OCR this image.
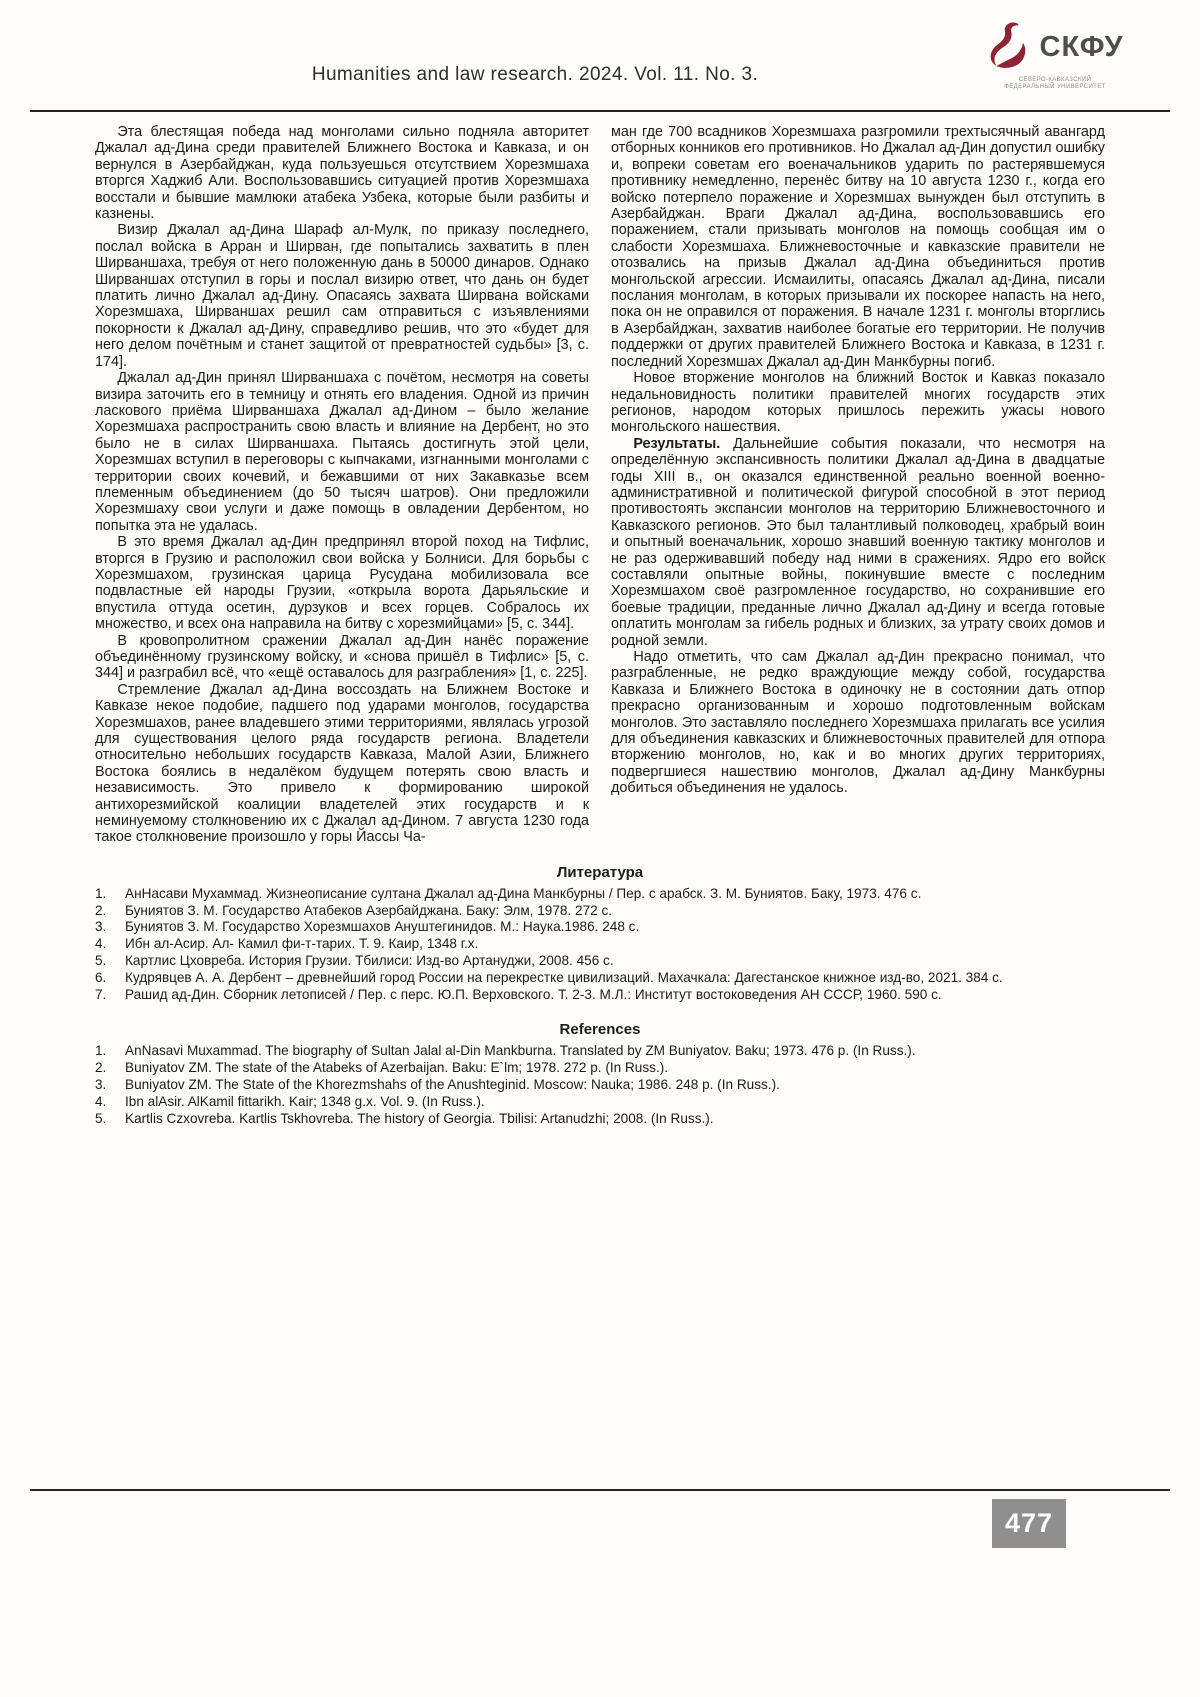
Humanities and law research. 2024. Vol. 11. No. 3.
СКФУ
СЕВЕРО-КАВКАЗСКИЙ ФЕДЕРАЛЬНЫЙ УНИВЕРСИТЕТ

Эта блестящая победа над монголами сильно подняла авторитет Джалал ад-Дина среди правителей Ближнего Востока и Кавказа, и он вернулся в Азербайджан, куда пользуешься отсутствием Хорезмшаха вторгся Хаджиб Али. Воспользовавшись ситуацией против Хорезмшаха восстали и бывшие мамлюки атабека Узбека, которые были разбиты и казнены.

Визир Джалал ад-Дина Шараф ал-Мулк, по приказу последнего, послал войска в Арран и Ширван, где попытались захватить в плен Ширваншаха, требуя от него положенную дань в 50000 динаров. Однако Ширваншах отступил в горы и послал визирю ответ, что дань он будет платить лично Джалал ад-Дину. Опасаясь захвата Ширвана войсками Хорезмшаха, Ширваншах решил сам отправиться с изъявлениями покорности к Джалал ад-Дину, справедливо решив, что это «будет для него делом почётным и станет защитой от превратностей судьбы» [3, с. 174].

Джалал ад-Дин принял Ширваншаха с почётом, несмотря на советы визира заточить его в темницу и отнять его владения. Одной из причин ласкового приёма Ширваншаха Джалал ад-Дином – было желание Хорезмшаха распространить свою власть и влияние на Дербент, но это было не в силах Ширваншаха. Пытаясь достигнуть этой цели, Хорезмшах вступил в переговоры с кыпчаками, изгнанными монголами с территории своих кочевий, и бежавшими от них Закавказье всем племенным объединением (до 50 тысяч шатров). Они предложили Хорезмшаху свои услуги и даже помощь в овладении Дербентом, но попытка эта не удалась.

В это время Джалал ад-Дин предпринял второй поход на Тифлис, вторгся в Грузию и расположил свои войска у Болниси. Для борьбы с Хорезмшахом, грузинская царица Русудана мобилизовала все подвластные ей народы Грузии, «открыла ворота Дарьяльские и впустила оттуда осетин, дурзуков и всех горцев. Собралось их множество, и всех она направила на битву с хорезмийцами» [5, с. 344].

В кровопролитном сражении Джалал ад-Дин нанёс поражение объединённому грузинскому войску, и «снова пришёл в Тифлис» [5, с. 344] и разграбил всё, что «ещё оставалось для разграбления» [1, с. 225].

Стремление Джалал ад-Дина воссоздать на Ближнем Востоке и Кавказе некое подобие, падшего под ударами монголов, государства Хорезмшахов, ранее владевшего этими территориями, являлась угрозой для существования целого ряда государств региона. Владетели относительно небольших государств Кавказа, Малой Азии, Ближнего Востока боялись в недалёком будущем потерять свою власть и независимость. Это привело к формированию широкой антихорезмийской коалиции владетелей этих государств и к неминуемому столкновению их с Джалал ад-Дином. 7 августа 1230 года такое столкновение произошло у горы Йассы Ча-

ман где 700 всадников Хорезмшаха разгромили трехтысячный авангард отборных конников его противников. Но Джалал ад-Дин допустил ошибку и, вопреки советам его военачальников ударить по растерявшемуся противнику немедленно, перенёс битву на 10 августа 1230 г., когда его войско потерпело поражение и Хорезмшах вынужден был отступить в Азербайджан. Враги Джалал ад-Дина, воспользовавшись его поражением, стали призывать монголов на помощь сообщая им о слабости Хорезмшаха. Ближневосточные и кавказские правители не отозвались на призыв Джалал ад-Дина объединиться против монгольской агрессии. Исмаилиты, опасаясь Джалал ад-Дина, писали послания монголам, в которых призывали их поскорее напасть на него, пока он не оправился от поражения. В начале 1231 г. монголы вторглись в Азербайджан, захватив наиболее богатые его территории. Не получив поддержки от других правителей Ближнего Востока и Кавказа, в 1231 г. последний Хорезмшах Джалал ад-Дин Манкбурны погиб.

Новое вторжение монголов на ближний Восток и Кавказ показало недальновидность политики правителей многих государств этих регионов, народом которых пришлось пережить ужасы нового монгольского нашествия.

Результаты. Дальнейшие события показали, что несмотря на определённую экспансивность политики Джалал ад-Дина в двадцатые годы XIII в., он оказался единственной реально военной военно-административной и политической фигурой способной в этот период противостоять экспансии монголов на территорию Ближневосточного и Кавказского регионов. Это был талантливый полководец, храбрый воин и опытный военачальник, хорошо знавший военную тактику монголов и не раз одерживавший победу над ними в сражениях. Ядро его войск составляли опытные войны, покинувшие вместе с последним Хорезмшахом своё разгромленное государство, но сохранившие его боевые традиции, преданные лично Джалал ад-Дину и всегда готовые оплатить монголам за гибель родных и близких, за утрату своих домов и родной земли.

Надо отметить, что сам Джалал ад-Дин прекрасно понимал, что разграбленные, не редко враждующие между собой, государства Кавказа и Ближнего Востока в одиночку не в состоянии дать отпор прекрасно организованным и хорошо подготовленным войскам монголов. Это заставляло последнего Хорезмшаха прилагать все усилия для объединения кавказских и ближневосточных правителей для отпора вторжению монголов, но, как и во многих других территориях, подвергшиеся нашествию монголов, Джалал ад-Дину Манкбурны добиться объединения не удалось.

Литература
1.	АнНасави Мухаммад. Жизнеописание султана Джалал ад-Дина Манкбурны / Пер. с арабск. З. М. Буниятов. Баку, 1973. 476 с.
2.	Буниятов З. М. Государство Атабеков Азербайджана. Баку: Элм, 1978. 272 с.
3.	Буниятов З. М. Государство Хорезмшахов Ануштегинидов. М.: Наука.1986. 248 с.
4.	Ибн ал-Асир. Ал- Камил фи-т-тарих. Т. 9. Каир, 1348 г.х.
5.	Картлис Цховреба. История Грузии. Тбилиси: Изд-во Артануджи, 2008. 456 с.
6.	Кудрявцев А. А. Дербент – древнейший город России на перекрестке цивилизаций. Махачкала: Дагестанское книжное изд-во, 2021. 384 с.
7.	Рашид ад-Дин. Сборник летописей / Пер. с перс. Ю.П. Верховского. Т. 2-3. М.Л.: Институт востоковедения АН СССР, 1960. 590 с.
References
1.	AnNasavi Muxammad. The biography of Sultan Jalal al-Din Mankburna. Translated by ZM Buniyatov. Baku; 1973. 476 p. (In Russ.).
2.	Buniyatov ZM. The state of the Atabeks of Azerbaijan. Baku: E`lm; 1978. 272 p. (In Russ.).
3.	Buniyatov ZM. The State of the Khorezmshahs of the Anushteginid. Moscow: Nauka; 1986. 248 p. (In Russ.).
4.	Ibn alAsir. AlKamil fittarikh. Kair; 1348 g.x. Vol. 9. (In Russ.).
5.	Kartlis Czxovreba. Kartlis Tskhovreba. The history of Georgia. Tbilisi: Artanudzhi; 2008. (In Russ.).
477
